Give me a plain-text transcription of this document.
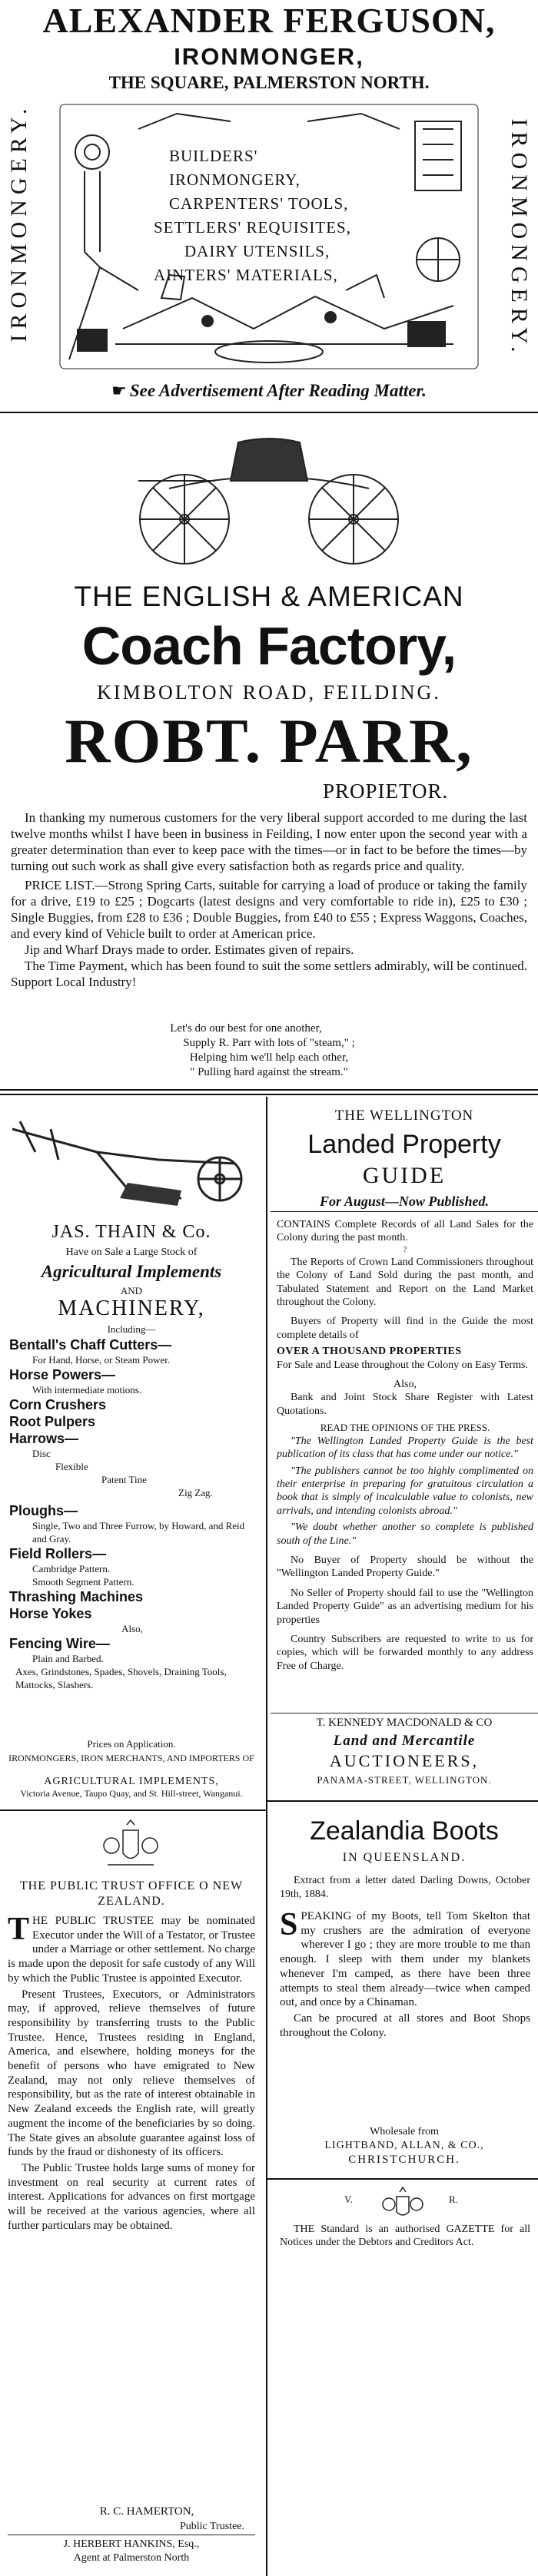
ALEXANDER FERGUSON,
IRONMONGER,
THE SQUARE, PALMERSTON NORTH.
IRONMONGERY.	IRONMONGERY.
BUILDERS' IRONMONGERY,
CARPENTERS' TOOLS,
SETTLERS' REQUISITES,
DAIRY UTENSILS,
AINTERS' MATERIALS,
☛ See Advertisement After Reading Matter.
THE ENGLISH & AMERICAN
Coach Factory,
KIMBOLTON ROAD, FEILDING.
ROBT. PARR,
PROPIETOR.

In thanking my numerous customers for the very liberal support accorded to me during the last twelve months whilst I have been in business in Feilding, I now enter upon the second year with a greater determination than ever to keep pace with the times—or in fact to be before the times—by turning out such work as shall give every satisfaction both as regards price and quality.

PRICE LIST.—Strong Spring Carts, suitable for carrying a load of produce or taking the family for a drive, £19 to £25 ; Dogcarts (latest designs and very comfortable to ride in), £25 to £30 ; Single Buggies, from £28 to £36 ; Double Buggies, from £40 to £55 ; Express Waggons, Coaches, and every kind of Vehicle built to order at American price.

Jip and Wharf Drays made to order. Estimates given of repairs.

The Time Payment, which has been found to suit the some settlers admirably, will be continued. Support Local Industry!

Let's do our best for one another,
Supply R. Parr with lots of "steam," ;
Helping him we'll help each other,
" Pulling hard against the stream."
JAS. THAIN & Co.
Have on Sale a Large Stock of
Agricultural Implements
AND
MACHINERY,
Including—
Bentall's Chaff Cutters—
For Hand, Horse, or Steam Power.
Horse Powers—
With intermediate motions.
Corn Crushers
Root Pulpers
Harrows—
Disc
Flexible
Patent Tine
Zig Zag.
Ploughs—
Single, Two and Three Furrow, by Howard, and Reid and Gray.
Field Rollers—
Cambridge Pattern.
Smooth Segment Pattern.
Thrashing Machines
Horse Yokes
Also,
Fencing Wire—
Plain and Barbed.
Axes, Grindstones, Spades, Shovels, Draining Tools, Mattocks, Slashers.
Prices on Application.
IRONMONGERS, IRON MERCHANTS, AND IMPORTERS OF
AGRICULTURAL IMPLEMENTS,
Victoria Avenue, Taupo Quay, and St. Hill-street, Wanganui.
THE PUBLIC TRUST OFFICE O NEW ZEALAND.

THE PUBLIC TRUSTEE may be nominated Executor under the Will of a Testator, or Trustee under a Marriage or other settlement. No charge is made upon the deposit for safe custody of any Will by which the Public Trustee is appointed Executor.

Present Trustees, Executors, or Administrators may, if approved, relieve themselves of future responsibility by transferring trusts to the Public Trustee. Hence, Trustees residing in England, America, and elsewhere, holding moneys for the benefit of persons who have emigrated to New Zealand, may not only relieve themselves of responsibility, but as the rate of interest obtainable in New Zealand exceeds the English rate, will greatly augment the income of the beneficiaries by so doing. The State gives an absolute guarantee against loss of funds by the fraud or dishonesty of its officers.

The Public Trustee holds large sums of money for investment on real security at current rates of interest. Applications for advances on first mortgage will be received at the various agencies, where all further particulars may be obtained.

R. C. HAMERTON,
Public Trustee.
J. HERBERT HANKINS, Esq.,
Agent at Palmerston North
THE WELLINGTON
Landed Property
GUIDE
For August—Now Published.

CONTAINS Complete Records of all Land Sales for the Colony during the past month.

?

The Reports of Crown Land Commissioners throughout the Colony of Land Sold during the past month, and Tabulated Statement and Report on the Land Market throughout the Colony.

Buyers of Property will find in the Guide the most complete details of

OVER A THOUSAND PROPERTIES

For Sale and Lease throughout the Colony on Easy Terms.

Also,

Bank and Joint Stock Share Register with Latest Quotations.

READ THE OPINIONS OF THE PRESS.

"The Wellington Landed Property Guide is the best publication of its class that has come under our notice."

"The publishers cannot be too highly complimented on their enterprise in preparing for gratuitous circulation a book that is simply of incalculable value to colonists, new arrivals, and intending colonists abroad."

"We doubt whether another so complete is published south of the Line."

No Buyer of Property should be without the "Wellington Landed Property Guide."

No Seller of Property should fail to use the "Wellington Landed Property Guide" as an advertising medium for his properties

Country Subscribers are requested to write to us for copies, which will be forwarded monthly to any address Free of Charge.

T. KENNEDY MACDONALD & CO
Land and Mercantile
AUCTIONEERS,
PANAMA-STREET, WELLINGTON.
Zealandia Boots
IN QUEENSLAND.
Extract from a letter dated Darling Downs, October 19th, 1884.

SPEAKING of my Boots, tell Tom Skelton that my crushers are the admiration of everyone wherever I go ; they are more trouble to me than enough. I sleep with them under my blankets whenever I'm camped, as there have been three attempts to steal them already—twice when camped out, and once by a Chinaman.

Can be procured at all stores and Boot Shops throughout the Colony.

Wholesale from
LIGHTBAND, ALLAN, & CO.,
CHRISTCHURCH.
V.	R.
THE Standard is an authorised GAZETTE for all Notices under the Debtors and Creditors Act.
